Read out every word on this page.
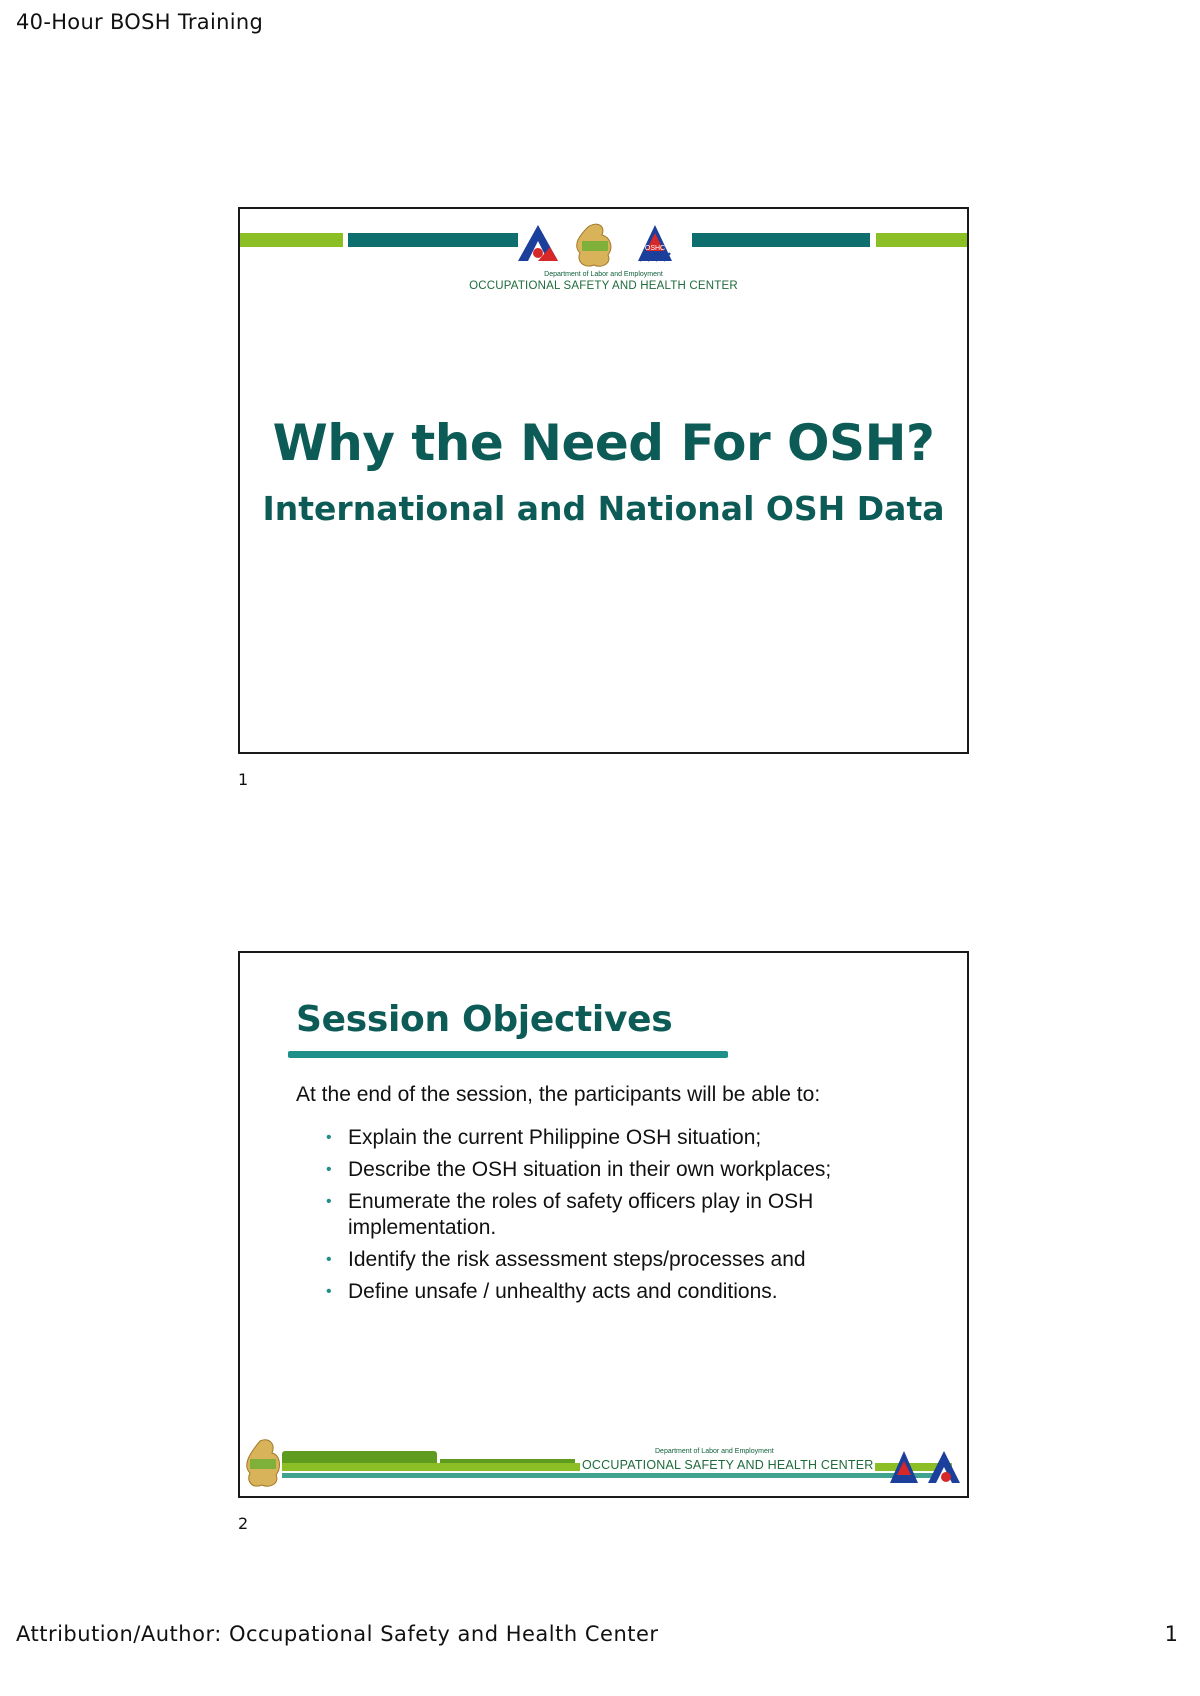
40-Hour BOSH Training
OSHC
Department of Labor and Employment
OCCUPATIONAL SAFETY AND HEALTH CENTER
Why the Need For OSH?
International and National OSH Data
1
Session Objectives
At the end of the session, the participants will be able to:
• Explain the current Philippine OSH situation;
• Describe the OSH situation in their own workplaces;
• Enumerate the roles of safety officers play in OSH implementation.
• Identify the risk assessment steps/processes and
• Define unsafe / unhealthy acts and conditions.
Department of Labor and Employment
OCCUPATIONAL SAFETY AND HEALTH CENTER
2
Attribution/Author: Occupational Safety and Health Center	1
